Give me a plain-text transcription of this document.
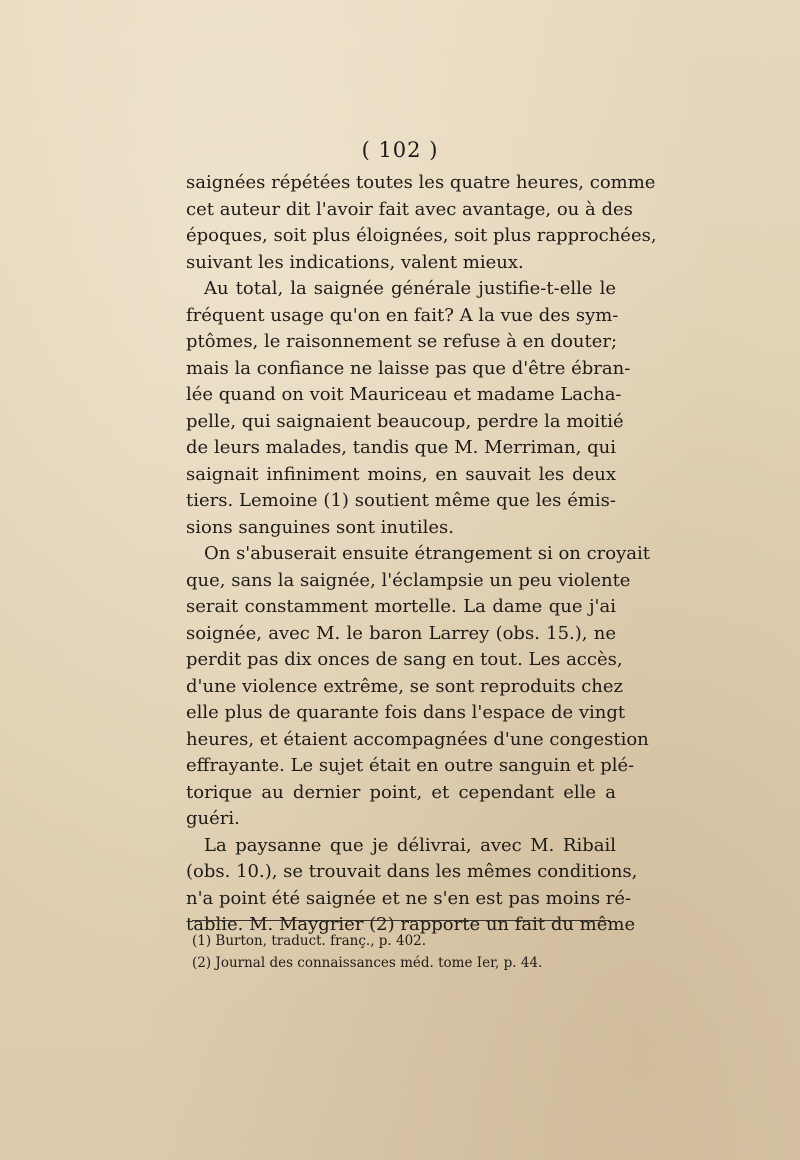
( 102 )
saignées répétées toutes les quatre heures, comme
cet auteur dit l'avoir fait avec avantage, ou à des
époques, soit plus éloignées, soit plus rapprochées,
suivant les indications, valent mieux.
Au total, la saignée générale justifie-t-elle le
fréquent usage qu'on en fait? A la vue des sym-
ptômes, le raisonnement se refuse à en douter;
mais la confiance ne laisse pas que d'être ébran-
lée quand on voit Mauriceau et madame Lacha-
pelle, qui saignaient beaucoup, perdre la moitié
de leurs malades, tandis que M. Merriman, qui
saignait infiniment moins, en sauvait les deux
tiers. Lemoine (1) soutient même que les émis-
sions sanguines sont inutiles.
On s'abuserait ensuite étrangement si on croyait
que, sans la saignée, l'éclampsie un peu violente
serait constamment mortelle. La dame que j'ai
soignée, avec M. le baron Larrey (obs. 15.), ne
perdit pas dix onces de sang en tout. Les accès,
d'une violence extrême, se sont reproduits chez
elle plus de quarante fois dans l'espace de vingt
heures, et étaient accompagnées d'une congestion
effrayante. Le sujet était en outre sanguin et plé-
torique au dernier point, et cependant elle a
guéri.
La paysanne que je délivrai, avec M. Ribail
(obs. 10.), se trouvait dans les mêmes conditions,
n'a point été saignée et ne s'en est pas moins ré-
tablie. M. Maygrier (2) rapporte un fait du même
(1) Burton, traduct. franç., p. 402.
(2) Journal des connaissances méd. tome Ier, p. 44.
